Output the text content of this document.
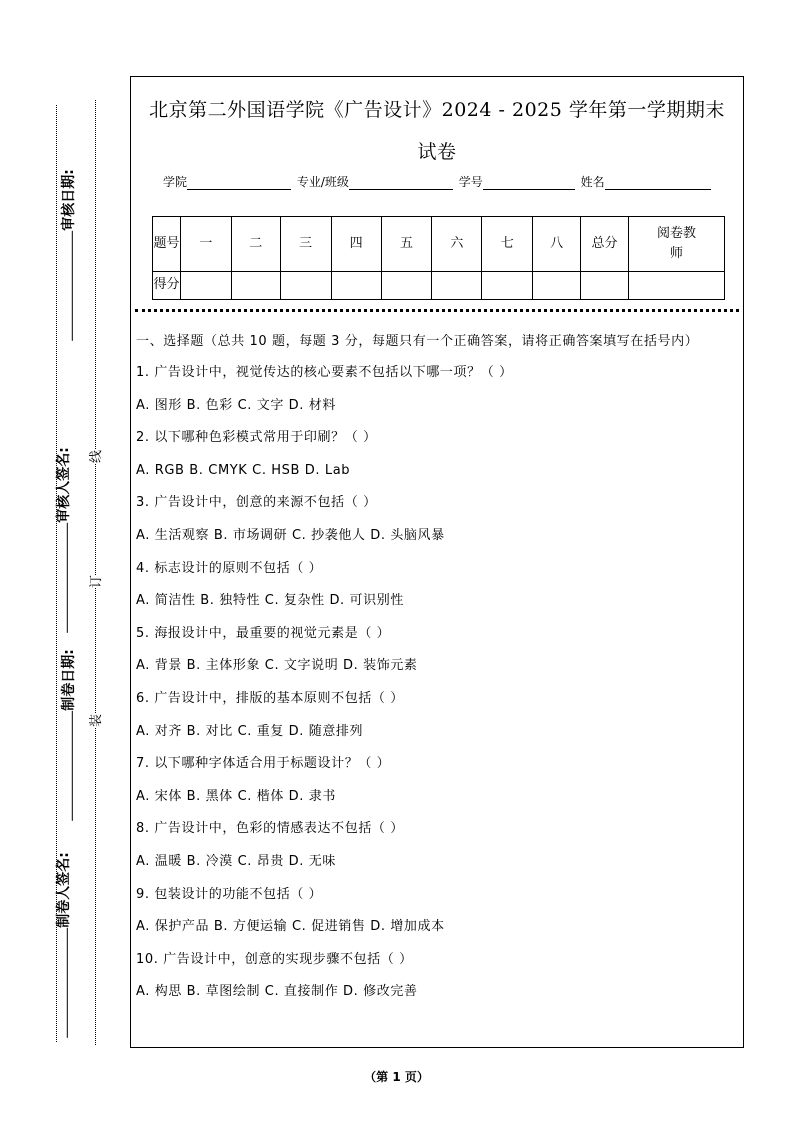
审核日期:
审核人签名:
制卷日期:
制卷人签名:
线
订
装
北京第二外国语学院《广告设计》2024 - 2025 学年第一学期期末
试卷
学院	专业/班级	学号	姓名
题号	一	二	三	四	五	六	七	八	总分	阅卷教师
得分										
一、选择题（总共 10 题，每题 3 分，每题只有一个正确答案，请将正确答案填写在括号内）
1. 广告设计中，视觉传达的核心要素不包括以下哪一项？（ ）
A. 图形 B. 色彩 C. 文字 D. 材料
2. 以下哪种色彩模式常用于印刷？（ ）
A. RGB B. CMYK C. HSB D. Lab
3. 广告设计中，创意的来源不包括（ ）
A. 生活观察 B. 市场调研 C. 抄袭他人 D. 头脑风暴
4. 标志设计的原则不包括（ ）
A. 简洁性 B. 独特性 C. 复杂性 D. 可识别性
5. 海报设计中，最重要的视觉元素是（ ）
A. 背景 B. 主体形象 C. 文字说明 D. 装饰元素
6. 广告设计中，排版的基本原则不包括（ ）
A. 对齐 B. 对比 C. 重复 D. 随意排列
7. 以下哪种字体适合用于标题设计？（ ）
A. 宋体 B. 黑体 C. 楷体 D. 隶书
8. 广告设计中，色彩的情感表达不包括（ ）
A. 温暖 B. 冷漠 C. 昂贵 D. 无味
9. 包装设计的功能不包括（ ）
A. 保护产品 B. 方便运输 C. 促进销售 D. 增加成本
10. 广告设计中，创意的实现步骤不包括（ ）
A. 构思 B. 草图绘制 C. 直接制作 D. 修改完善
（第 1 页）
